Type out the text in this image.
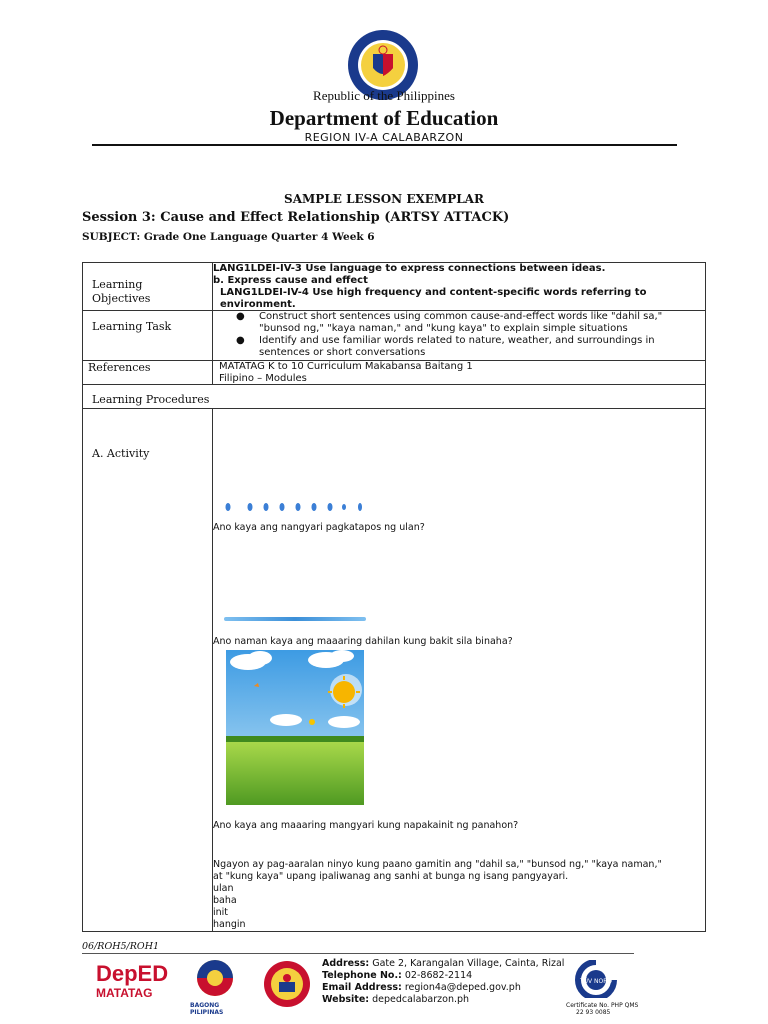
Republic of the Philippines
Department of Education
REGION IV-A CALABARZON
SAMPLE LESSON EXEMPLAR
Session 3: Cause and Effect Relationship (ARTSY ATTACK)
SUBJECT: Grade One Language Quarter 4 Week 6
Learning Objectives
LANG1LDEI-IV-3 Use language to express connections between ideas.
b. Express cause and effect
LANG1LDEI-IV-4 Use high frequency and content-specific words referring to
environment.
Learning Task
● Construct short sentences using common cause-and-effect words like "dahil sa,"
"bunsod ng," "kaya naman," and "kung kaya" to explain simple situations
● Identify and use familiar words related to nature, weather, and surroundings in
sentences or short conversations
References	MATATAG K to 10 Curriculum Makabansa Baitang 1
Filipino – Modules
Learning Procedures
A. Activity
Ano kaya ang nangyari pagkatapos ng ulan?
Ano naman kaya ang maaaring dahilan kung bakit sila binaha?
Ano kaya ang maaaring mangyari kung napakainit ng panahon?
Ngayon ay pag-aaralan ninyo kung paano gamitin ang "dahil sa," "bunsod ng," "kaya naman,"
at "kung kaya" upang ipaliwanag ang sanhi at bunga ng isang pangyayari.
ulan
baha
init
hangin
06/ROH5/ROH1
DepED
MATATAG
BAGONG PILIPINAS
Address: Gate 2, Karangalan Village, Cainta, Rizal
Telephone No.: 02-8682-2114
Email Address: region4a@deped.gov.ph
Website: depedcalabarzon.ph
TÜV NORD
Certificate No. PHP QMS
22 93 0085
